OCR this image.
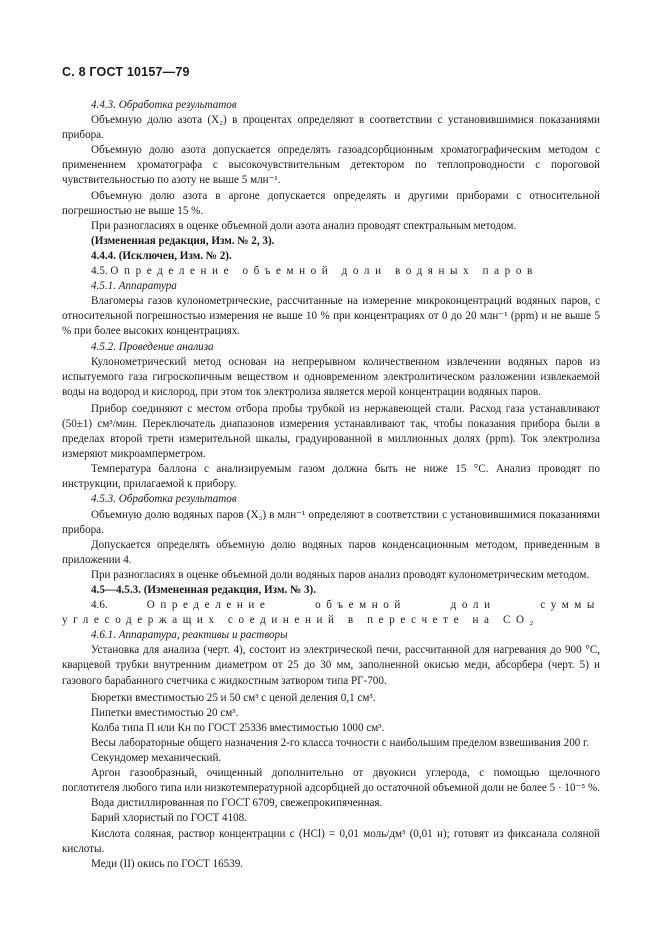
С. 8 ГОСТ 10157—79

4.4.3. Обработка результатов

Объемную долю азота (X₂) в процентах определяют в соответствии с установившимися показаниями прибора.

Объемную долю азота допускается определять газоадсорбционным хроматографическим методом с применением хроматографа с высокочувствительным детектором по теплопроводности с пороговой чувствительностью по азоту не выше 5 млн⁻¹.

Объемную долю азота в аргоне допускается определять и другими приборами с относительной погрешностью не выше 15 %.

При разногласиях в оценке объемной доли азота анализ проводят спектральным методом.

(Измененная редакция, Изм. № 2, 3).

4.4.4. (Исключен, Изм. № 2).

4.5. Определение объемной доли водяных паров

4.5.1. Аппаратура

Влагомеры газов кулонометрические, рассчитанные на измерение микроконцентраций водяных паров, с относительной погрешностью измерения не выше 10 % при концентрациях от 0 до 20 млн⁻¹ (ppm) и не выше 5 % при более высоких концентрациях.

4.5.2. Проведение анализа

Кулонометрический метод основан на непрерывном количественном извлечении водяных паров из испытуемого газа гигроскопичным веществом и одновременном электролитическом разложении извлекаемой воды на водород и кислород, при этом ток электролиза является мерой концентрации водяных паров.

Прибор соединяют с местом отбора пробы трубкой из нержавеющей стали. Расход газа устанавливают (50±1) см³/мин. Переключатель диапазонов измерения устанавливают так, чтобы показания прибора были в пределах второй трети измерительной шкалы, градуированной в миллионных долях (ppm). Ток электролиза измеряют микроамперметром.

Температура баллона с анализируемым газом должна быть не ниже 15 °С. Анализ проводят по инструкции, прилагаемой к прибору.

4.5.3. Обработка результатов

Объемную долю водяных паров (X₃) в млн⁻¹ определяют в соответствии с установившимися показаниями прибора.

Допускается определять объемную долю водяных паров конденсационным методом, приведенным в приложении 4.

При разногласиях в оценке объемной доли водяных паров анализ проводят кулонометрическим методом.

4.5—4.5.3. (Измененная редакция, Изм. № 3).

4.6.	Определение объемной доли суммы углесодержащих соединений в пересчете на CO₂

4.6.1. Аппаратура, реактивы и растворы

Установка для анализа (черт. 4), состоит из электрической печи, рассчитанной для нагревания до 900 °С, кварцевой трубки внутренним диаметром от 25 до 30 мм, заполненной окисью меди, абсорбера (черт. 5) и газового барабанного счетчика с жидкостным затвором типа РГ-700.

Бюретки вместимостью 25 и 50 см³ с ценой деления 0,1 см³.

Пипетки вместимостью 20 см³.

Колба типа П или Кн по ГОСТ 25336 вместимостью 1000 см³.

Весы лабораторные общего назначения 2-го класса точности с наибольшим пределом взвешивания 200 г.

Секундомер механический.

Аргон газообразный, очищенный дополнительно от двуокиси углерода, с помощью щелочного поглотителя любого типа или низкотемпературной адсорбцией до остаточной объемной доли не более 5 · 10⁻⁵ %.

Вода дистиллированная по ГОСТ 6709, свежепрокипяченная.

Барий хлористый по ГОСТ 4108.

Кислота соляная, раствор концентрации c (HCl) = 0,01 моль/дм³ (0,01 н); готовят из фиксанала соляной кислоты.

Меди (II) окись по ГОСТ 16539.
